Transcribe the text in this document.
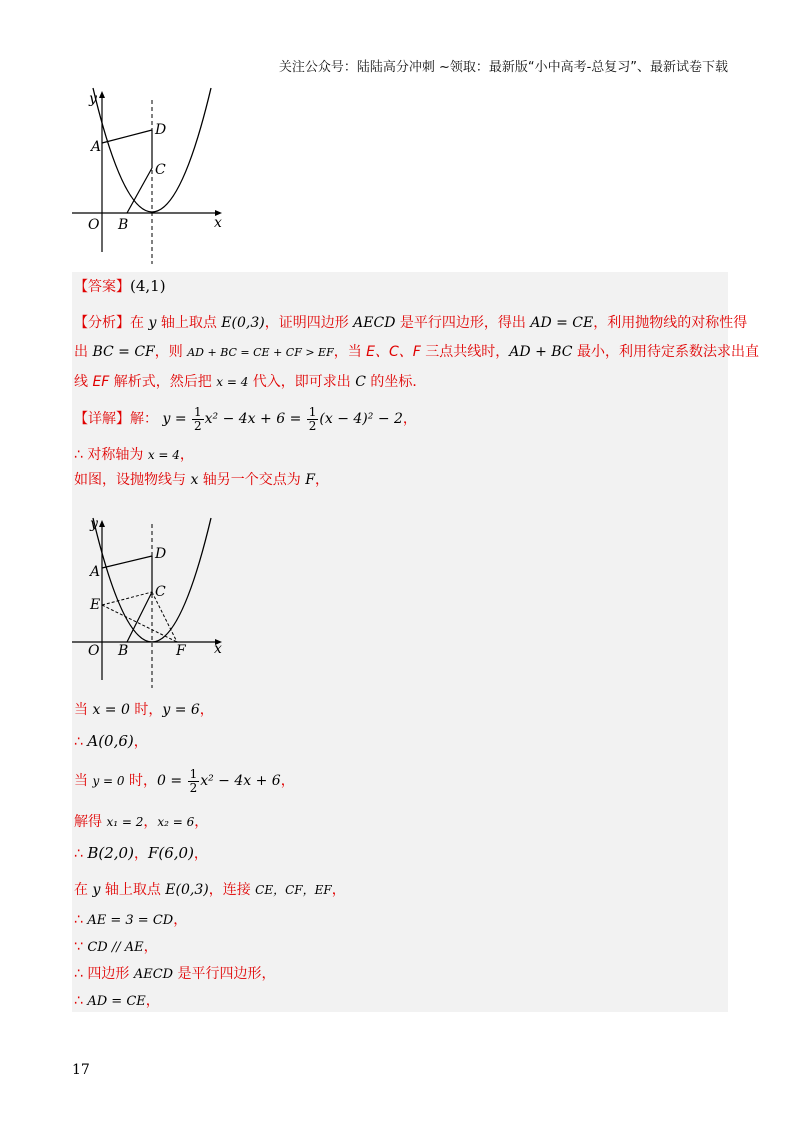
关注公众号：陆陆高分冲刺 ~领取：最新版“小中高考-总复习”、最新试卷下载
y
x
O
A
B
C
D
【答案】(4,1)
【分析】在 y 轴上取点 E(0,3)，证明四边形 AECD 是平行四边形，得出 AD = CE，利用抛物线的对称性得
出 BC = CF，则 AD + BC = CE + CF > EF，当 E、C、F 三点共线时，AD + BC 最小，利用待定系数法求出直
线 EF 解析式，然后把 x = 4 代入，即可求出 C 的坐标．
【详解】解： $y = \frac{1}{2} x^2 - 4x + 6 = \frac{1}{2} (x - 4)^2 - 2$，
∴ 对称轴为 x = 4，
如图，设抛物线与 x 轴另一个交点为 F，
y
x
O
A
B
C
D
E
F
当 x = 0 时，y = 6，
∴ A(0,6)，
当 y = 0 时，$0 = \frac{1}{2} x^2 - 4x + 6$，
解得 x₁ = 2，x₂ = 6，
∴ B(2,0)，F(6,0)，
在 y 轴上取点 E(0,3)，连接 CE，CF，EF，
∴ AE = 3 = CD，
∵ CD // AE，
∴ 四边形 AECD 是平行四边形，
∴ AD = CE，
17
